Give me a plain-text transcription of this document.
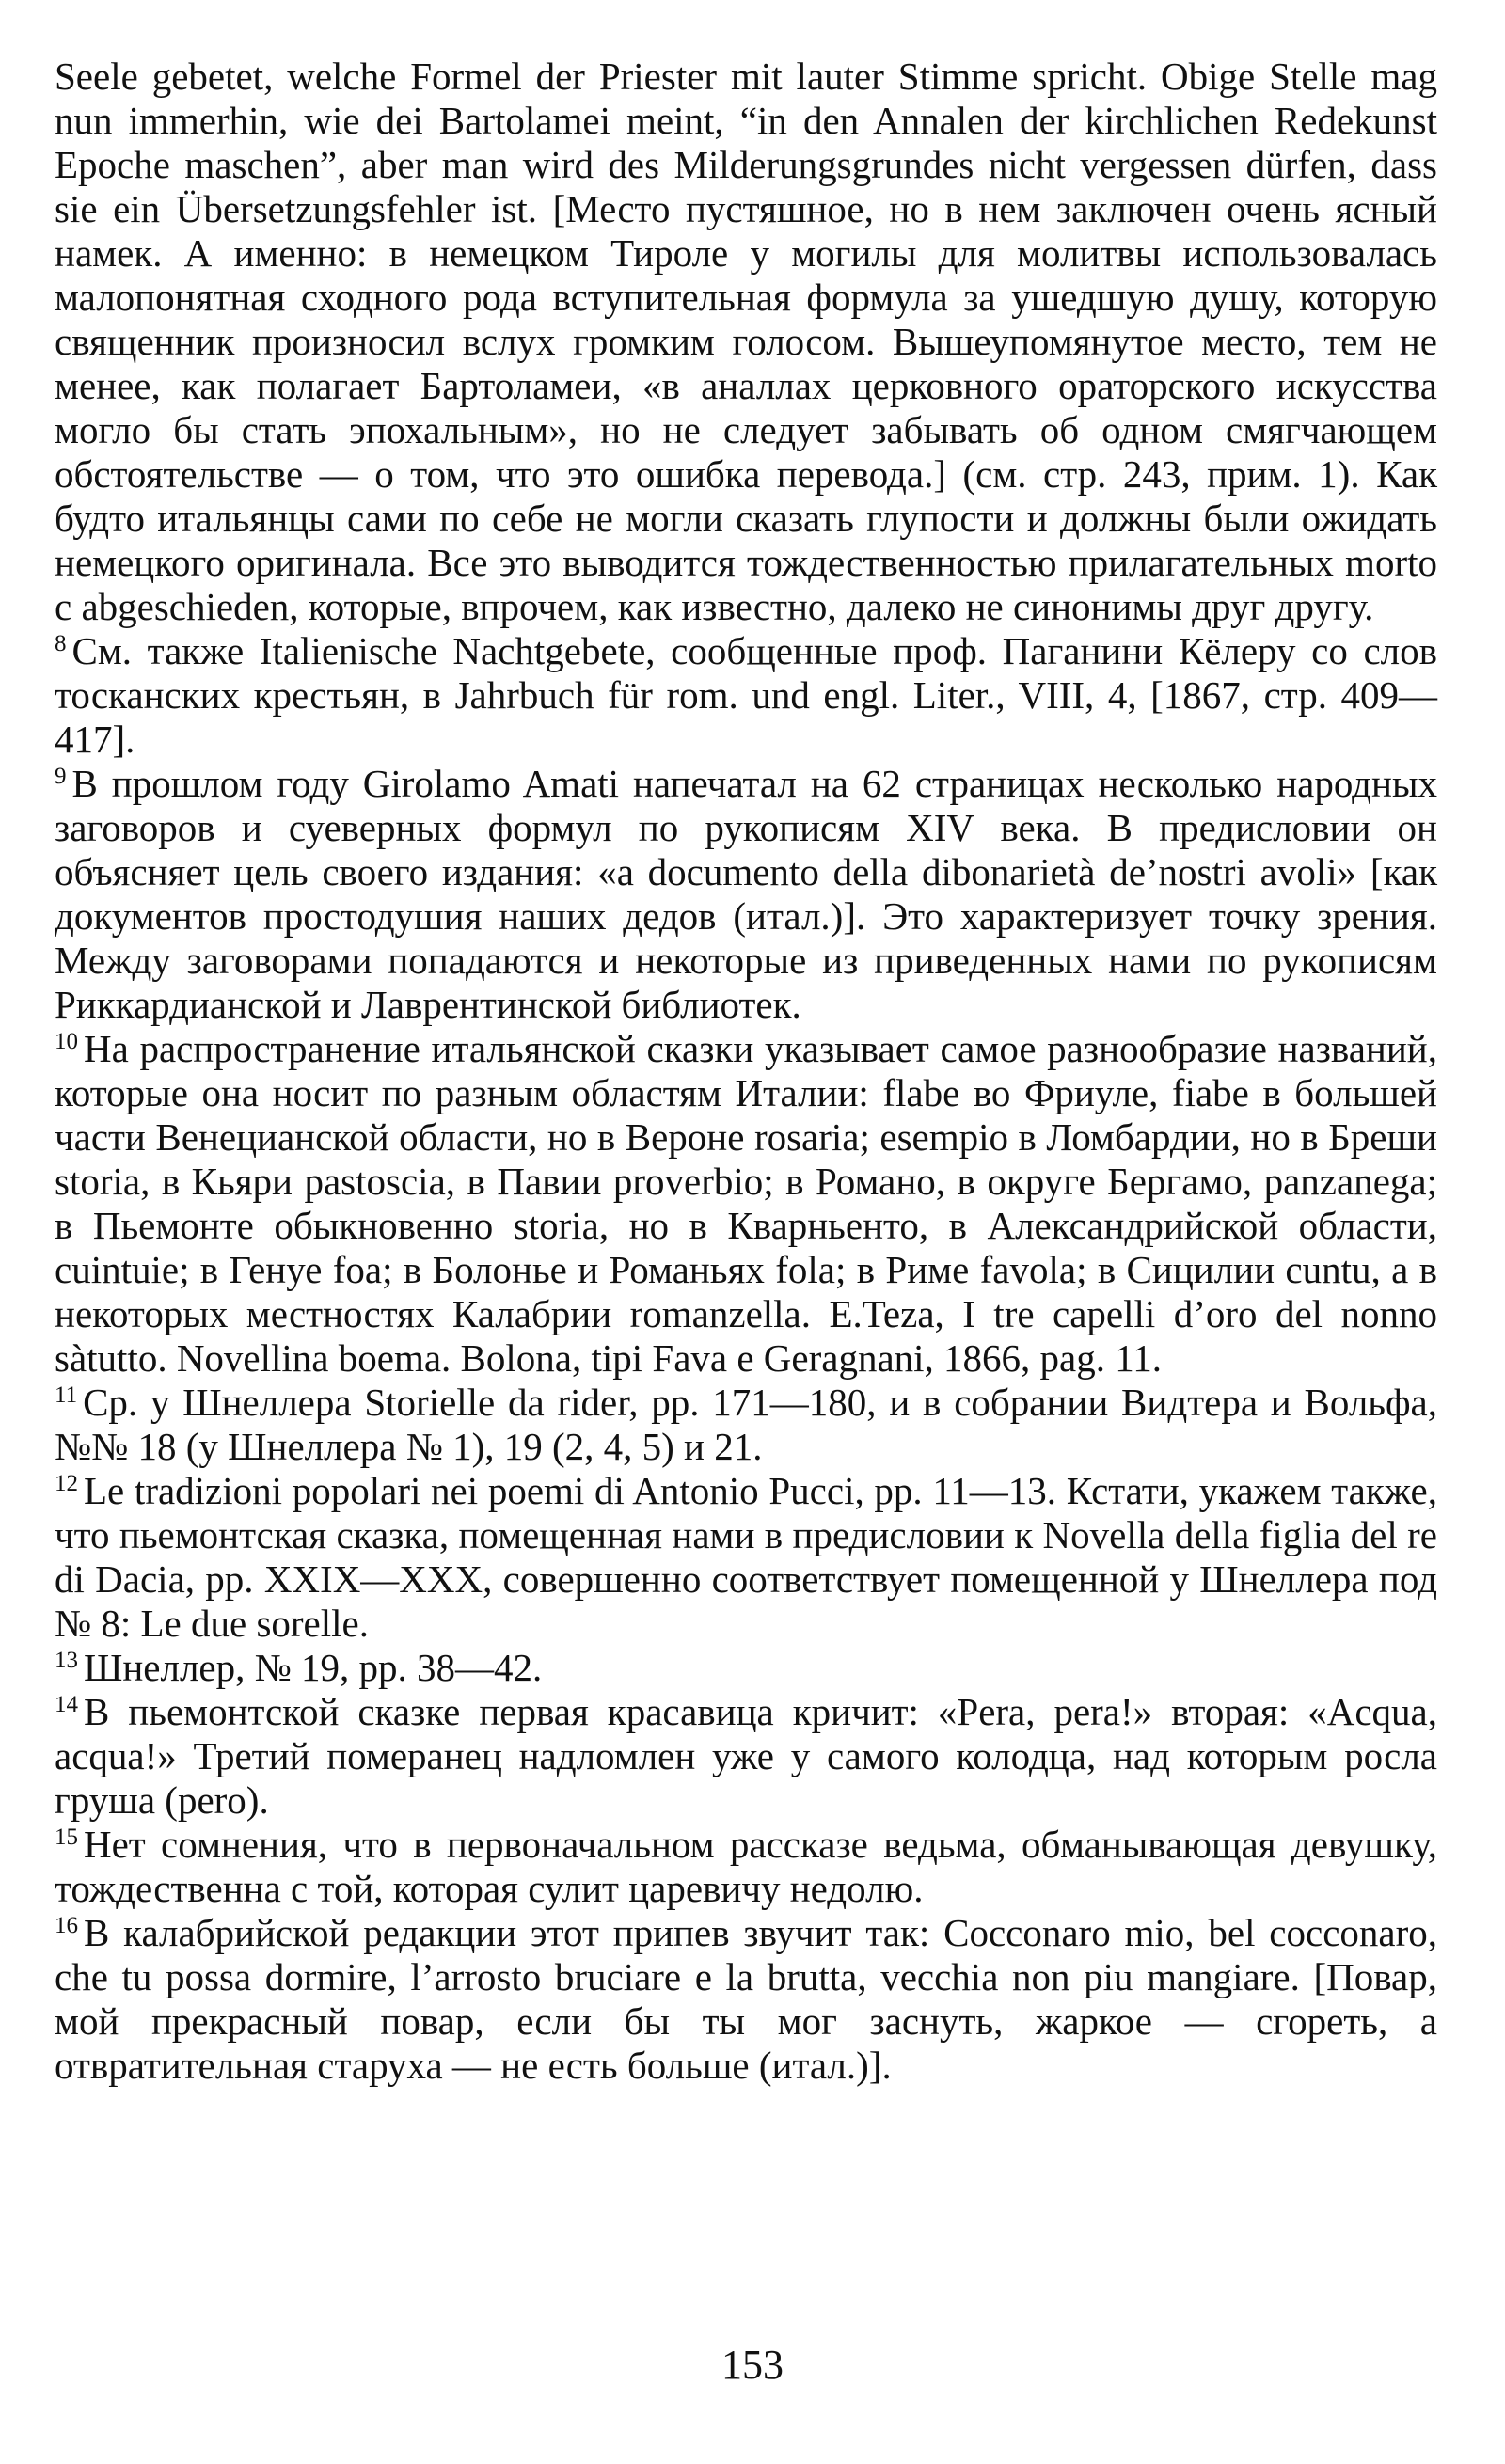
Seele gebetet, welche Formel der Priester mit lauter Stimme spricht. Obige Stelle mag nun immerhin, wie dei Bartolamei meint, “in den Annalen der kirchlichen Redekunst Epoche maschen”, aber man wird des Milderungsgrundes nicht vergessen dürfen, dass sie ein Übersetzungsfehler ist. [Место пустяшное, но в нем заключен очень ясный намек. А именно: в немецком Тироле у могилы для молитвы использовалась малопонятная сходного рода вступительная формула за ушедшую душу, которую священник произносил вслух громким голосом. Вышеупомянутое место, тем не менее, как полагает Бартоламеи, «в аналлах церковного ораторского искусства могло бы стать эпохальным», но не следует забывать об одном смягчающем обстоятельстве — о том, что это ошибка перевода.] (см. стр. 243, прим. 1). Как будто итальянцы сами по себе не могли сказать глупости и должны были ожидать немецкого оригинала. Все это выводится тождественностью прилагательных morto с abgeschieden, которые, впрочем, как известно, далеко не синонимы друг другу.

$^8$ См. также Italienische Nachtgebete, сообщенные проф. Паганини Кёлеру со слов тосканских крестьян, в Jahrbuch für rom. und engl. Liter., VIII, 4, [1867, стр. 409—417].

$^9$ В прошлом году Girolamo Amati напечатал на 62 страницах несколько народных заговоров и суеверных формул по рукописям XIV века. В предисловии он объясняет цель своего издания: «a documento della dibonarietà de’nostri avoli» [как документов простодушия наших дедов (итал.)]. Это характеризует точку зрения. Между заговорами попадаются и некоторые из приведенных нами по рукописям Риккардианской и Лаврентинской библиотек.

$^{10}$ На распространение итальянской сказки указывает самое разнообразие названий, которые она носит по разным областям Италии: flabe во Фриуле, fiabe в большей части Венецианской области, но в Вероне rosaria; esempio в Ломбардии, но в Бреши storia, в Кьяри pastoscia, в Павии proverbio; в Романо, в округе Бергамо, panzanega; в Пьемонте обыкновенно storia, но в Кварньенто, в Александрийской области, cuintuie; в Генуе foa; в Болонье и Романьях fola; в Риме favola; в Сицилии cuntu, а в некоторых местностях Калабрии romanzella. E.Teza, I tre capelli d’oro del nonno sàtutto. Novellina boema. Bolona, tipi Fava e Geragnani, 1866, pag. 11.

$^{11}$ Ср. у Шнеллера Storielle da rider, pp. 171—180, и в собрании Видтера и Вольфа, №№ 18 (у Шнеллера № 1), 19 (2, 4, 5) и 21.

$^{12}$ Le tradizioni popolari nei poemi di Antonio Pucci, pp. 11—13. Кстати, укажем также, что пьемонтская сказка, помещенная нами в предисловии к Novella della figlia del re di Dacia, pp. XXIX—XXX, совершенно соответствует помещенной у Шнеллера под № 8: Le due sorelle.

$^{13}$ Шнеллер, № 19, pp. 38—42.

$^{14}$ В пьемонтской сказке первая красавица кричит: «Pera, pera!» вторая: «Acqua, acqua!» Третий померанец надломлен уже у самого колодца, над которым росла груша (pero).

$^{15}$ Нет сомнения, что в первоначальном рассказе ведьма, обманывающая девушку, тождественна с той, которая сулит царевичу недолю.

$^{16}$ В калабрийской редакции этот припев звучит так: Cocconaro mio, bel cocconaro, che tu possa dormire, l’arrosto bruciare e la brutta, vecchia non piu mangiare. [Повар, мой прекрасный повар, если бы ты мог заснуть, жаркое — сгореть, а отвратительная старуха — не есть больше (итал.)].

153
